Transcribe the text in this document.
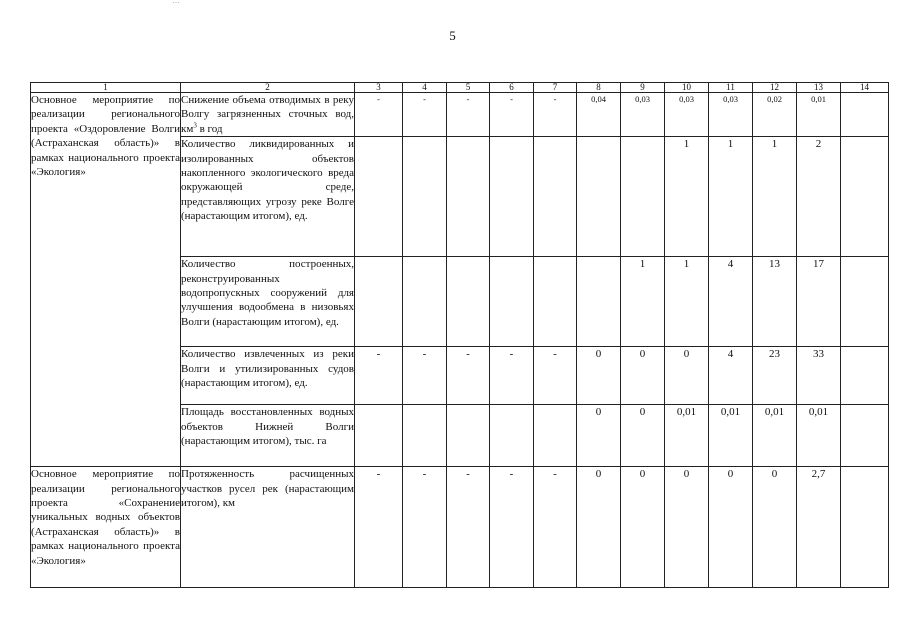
5
…
1	2	3	4	5	6	7	8	9	10	11	12	13	14
Основное мероприятие по реализации регионального проекта «Оздоровление Волги (Астраханская область)» в рамках национального проекта «Экология»	Снижение объема отводимых в реку Волгу загрязненных сточных вод, $км^3$ в год	-	-	-	-	-	0,04	0,03	0,03	0,03	0,02	0,01	
	Количество ликвидированных и изолированных объектов накопленного экологического вреда окружающей среде, представляющих угрозу реке Волге (нарастающим итогом), ед.								1	1	1	2	
	Количество построенных, реконструированных водопропускных сооружений для улучшения водообмена в низовьях Волги (нарастающим итогом), ед.							1	1	4	13	17	
	Количество извлеченных из реки Волги и утилизированных судов (нарастающим итогом), ед.	-	-	-	-	-	0	0	0	4	23	33	
	Площадь восстановленных водных объектов Нижней Волги (нарастающим итогом), тыс. га						0	0	0,01	0,01	0,01	0,01	
Основное мероприятие по реализации регионального проекта «Сохранение уникальных водных объектов (Астраханская область)» в рамках национального проекта «Экология»	Протяженность расчищенных участков русел рек (нарастающим итогом), км	-	-	-	-	-	0	0	0	0	0	2,7	
